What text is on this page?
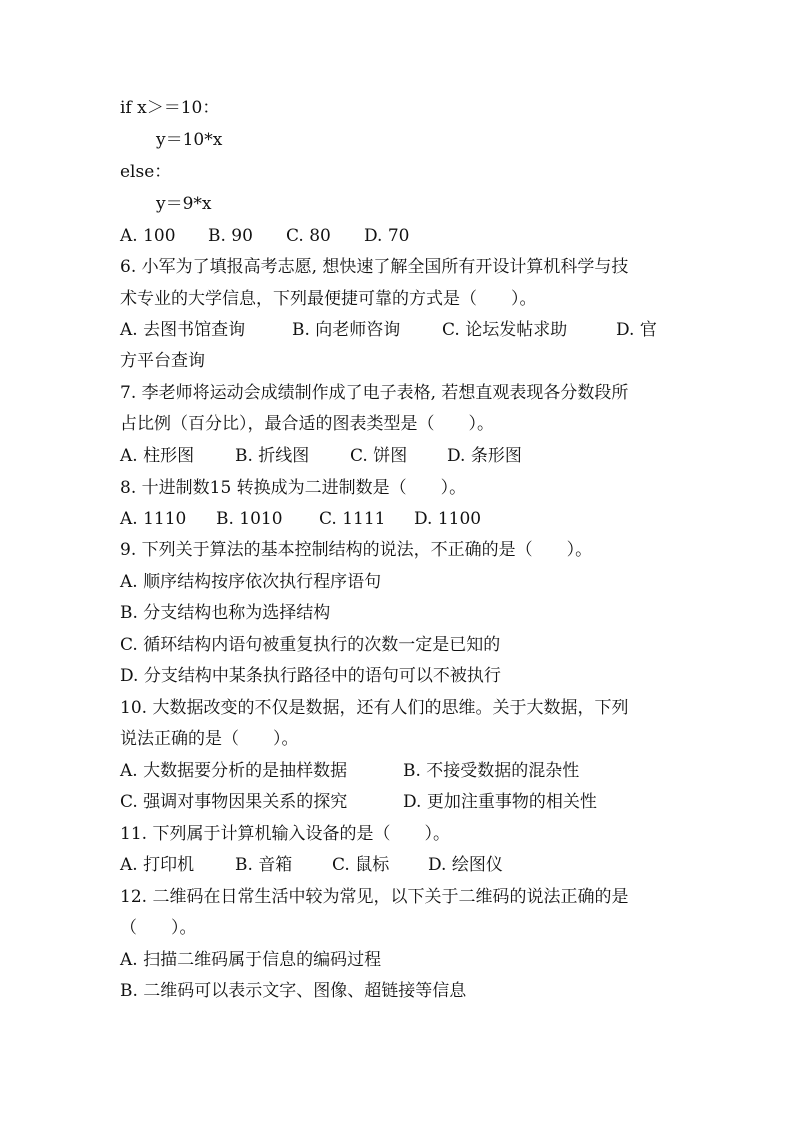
if x＞＝10：
y＝10*x
else：
y＝9*x
A. 100 B. 90 C. 80 D. 70
6. 小军为了填报高考志愿, 想快速了解全国所有开设计算机科学与技
术专业的大学信息，下列最便捷可靠的方式是（　　）。
A. 去图书馆查询	B. 向老师咨询 C. 论坛发帖求助	D. 官
方平台查询
7. 李老师将运动会成绩制作成了电子表格, 若想直观表现各分数段所
占比例（百分比），最合适的图表类型是（　　）。
A. 柱形图 B. 折线图 C. 饼图 D. 条形图
8. 十进制数15 转换成为二进制数是（　　）。
A. 1110 B. 1010 C. 1111 D. 1100
9. 下列关于算法的基本控制结构的说法，不正确的是（　　）。
A. 顺序结构按序依次执行程序语句
B. 分支结构也称为选择结构
C. 循环结构内语句被重复执行的次数一定是已知的
D. 分支结构中某条执行路径中的语句可以不被执行
10. 大数据改变的不仅是数据，还有人们的思维。关于大数据，下列
说法正确的是（　　）。
A. 大数据要分析的是抽样数据	B. 不接受数据的混杂性
C. 强调对事物因果关系的探究	D. 更加注重事物的相关性
11. 下列属于计算机输入设备的是（　　）。
A. 打印机 B. 音箱 C. 鼠标 D. 绘图仪
12. 二维码在日常生活中较为常见，以下关于二维码的说法正确的是
（　　）。
A. 扫描二维码属于信息的编码过程
B. 二维码可以表示文字、图像、超链接等信息
